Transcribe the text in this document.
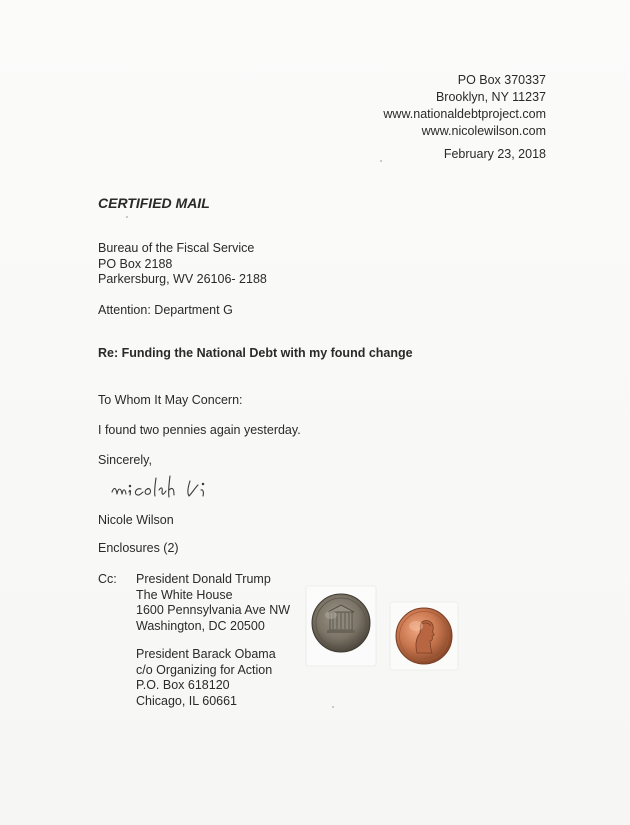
PO Box 370337
Brooklyn, NY 11237
www.nationaldebtproject.com
www.nicolewilson.com
February 23, 2018
CERTIFIED MAIL
Bureau of the Fiscal Service
PO Box 2188
Parkersburg, WV 26106- 2188
Attention: Department G
Re: Funding the National Debt with my found change
To Whom It May Concern:
I found two pennies again yesterday.
Sincerely,
Nicole Wilson
Enclosures (2)
Cc: President Donald Trump
The White House
1600 Pennsylvania Ave NW
Washington, DC 20500
President Barack Obama
c/o Organizing for Action
P.O. Box 618120
Chicago, IL 60661
